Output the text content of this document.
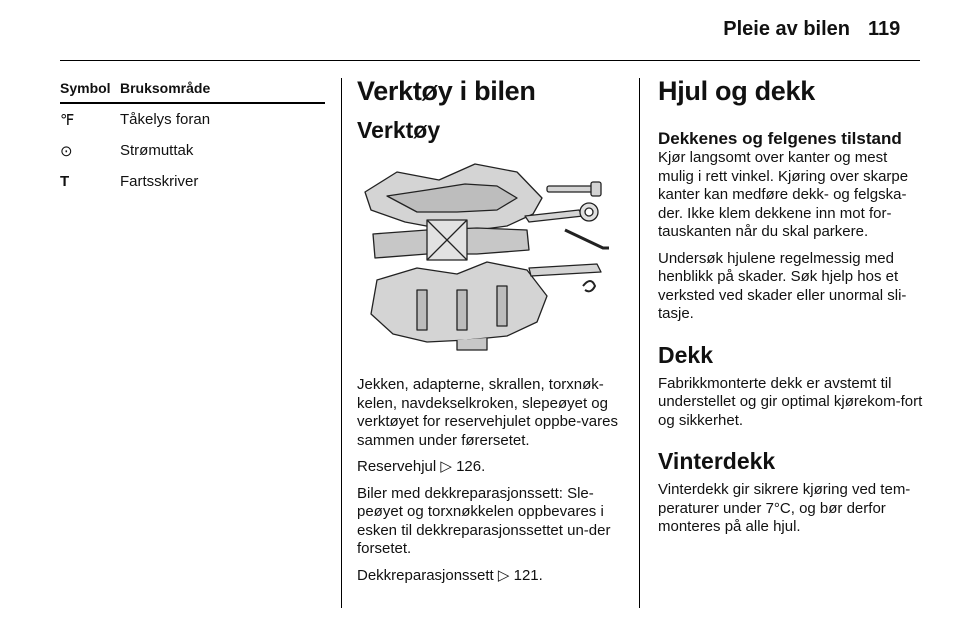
Pleie av bilen 119
Symbol Bruksområde
℉	Tåkelys foran
⊙	Strømuttak
T	Fartsskriver
Verktøy i bilen
Verktøy

Jekken, adapterne, skrallen, torxnøk-kelen, navdekselkroken, slepeøyet og verktøyet for reservehjulet oppbe-vares sammen under førersetet.

Reservehjul ▷ 126.

Biler med dekkreparasjonssett: Sle-peøyet og torxnøkkelen oppbevares i esken til dekkreparasjonssettet un-der forsetet.

Dekkreparasjonssett ▷ 121.

Hjul og dekk
Dekkenes og felgenes tilstand

Kjør langsomt over kanter og mest mulig i rett vinkel. Kjøring over skarpe kanter kan medføre dekk- og felgska-der. Ikke klem dekkene inn mot for-tauskanten når du skal parkere.

Undersøk hjulene regelmessig med henblikk på skader. Søk hjelp hos et verksted ved skader eller unormal sli-tasje.

Dekk

Fabrikkmonterte dekk er avstemt til understellet og gir optimal kjørekom-fort og sikkerhet.

Vinterdekk

Vinterdekk gir sikrere kjøring ved tem-peraturer under 7°C, og bør derfor monteres på alle hjul.
